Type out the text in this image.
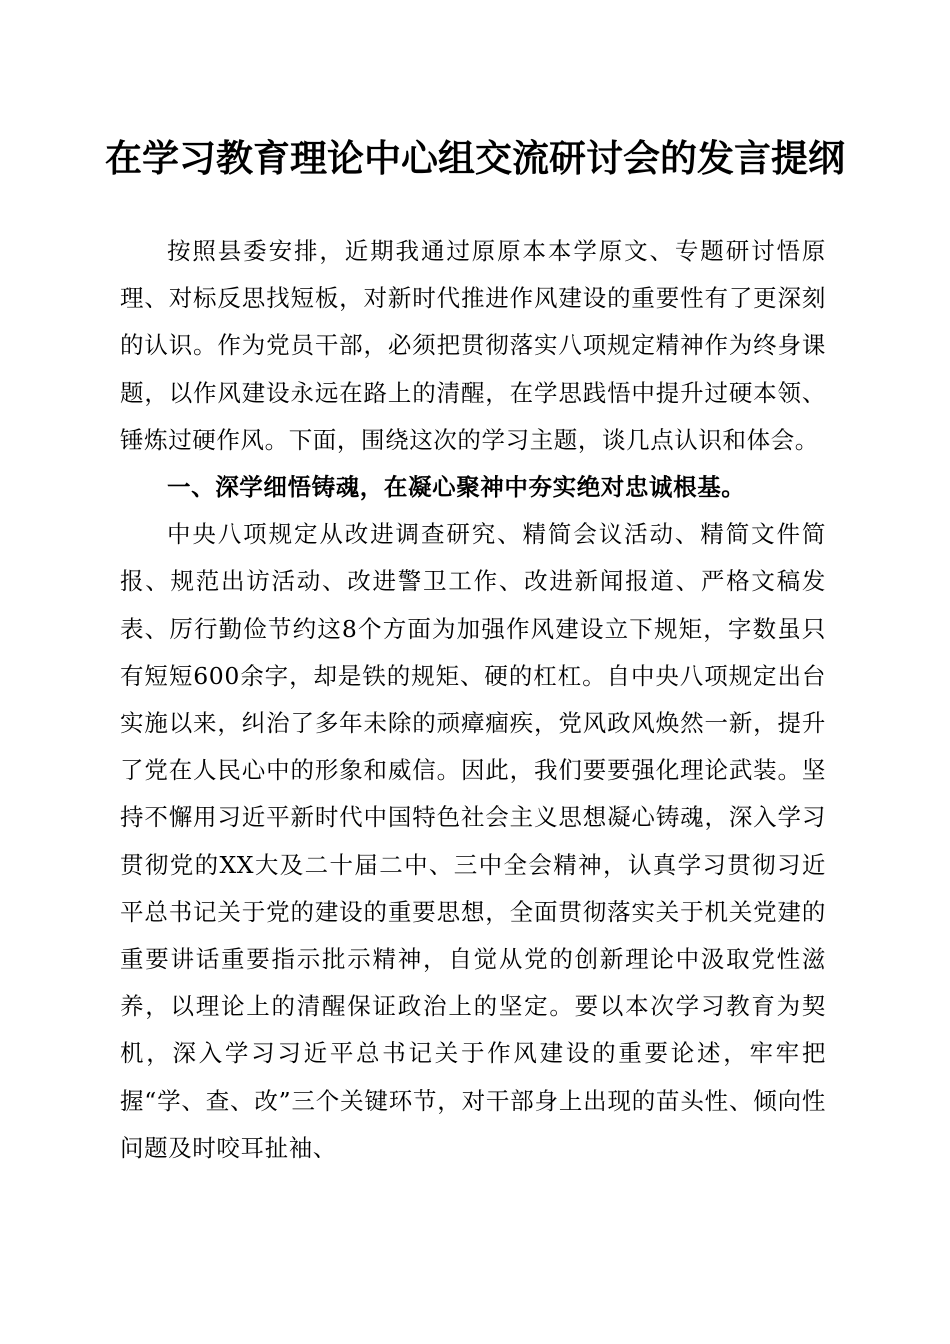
在学习教育理论中心组交流研讨会的发言提纲

按照县委安排，近期我通过原原本本学原文、专题研讨悟原理、对标反思找短板，对新时代推进作风建设的重要性有了更深刻的认识。作为党员干部，必须把贯彻落实八项规定精神作为终身课题，以作风建设永远在路上的清醒，在学思践悟中提升过硬本领、锤炼过硬作风。下面，围绕这次的学习主题，谈几点认识和体会。

一、深学细悟铸魂，在凝心聚神中夯实绝对忠诚根基。

中央八项规定从改进调查研究、精简会议活动、精简文件简报、规范出访活动、改进警卫工作、改进新闻报道、严格文稿发表、厉行勤俭节约这8个方面为加强作风建设立下规矩，字数虽只有短短600余字，却是铁的规矩、硬的杠杠。自中央八项规定出台实施以来，纠治了多年未除的顽瘴痼疾，党风政风焕然一新，提升了党在人民心中的形象和威信。因此，我们要要强化理论武装。坚持不懈用习近平新时代中国特色社会主义思想凝心铸魂，深入学习贯彻党的XX大及二十届二中、三中全会精神，认真学习贯彻习近平总书记关于党的建设的重要思想，全面贯彻落实关于机关党建的重要讲话重要指示批示精神，自觉从党的创新理论中汲取党性滋养，以理论上的清醒保证政治上的坚定。要以本次学习教育为契机，深入学习习近平总书记关于作风建设的重要论述，牢牢把握“学、查、改”三个关键环节，对干部身上出现的苗头性、倾向性问题及时咬耳扯袖、
